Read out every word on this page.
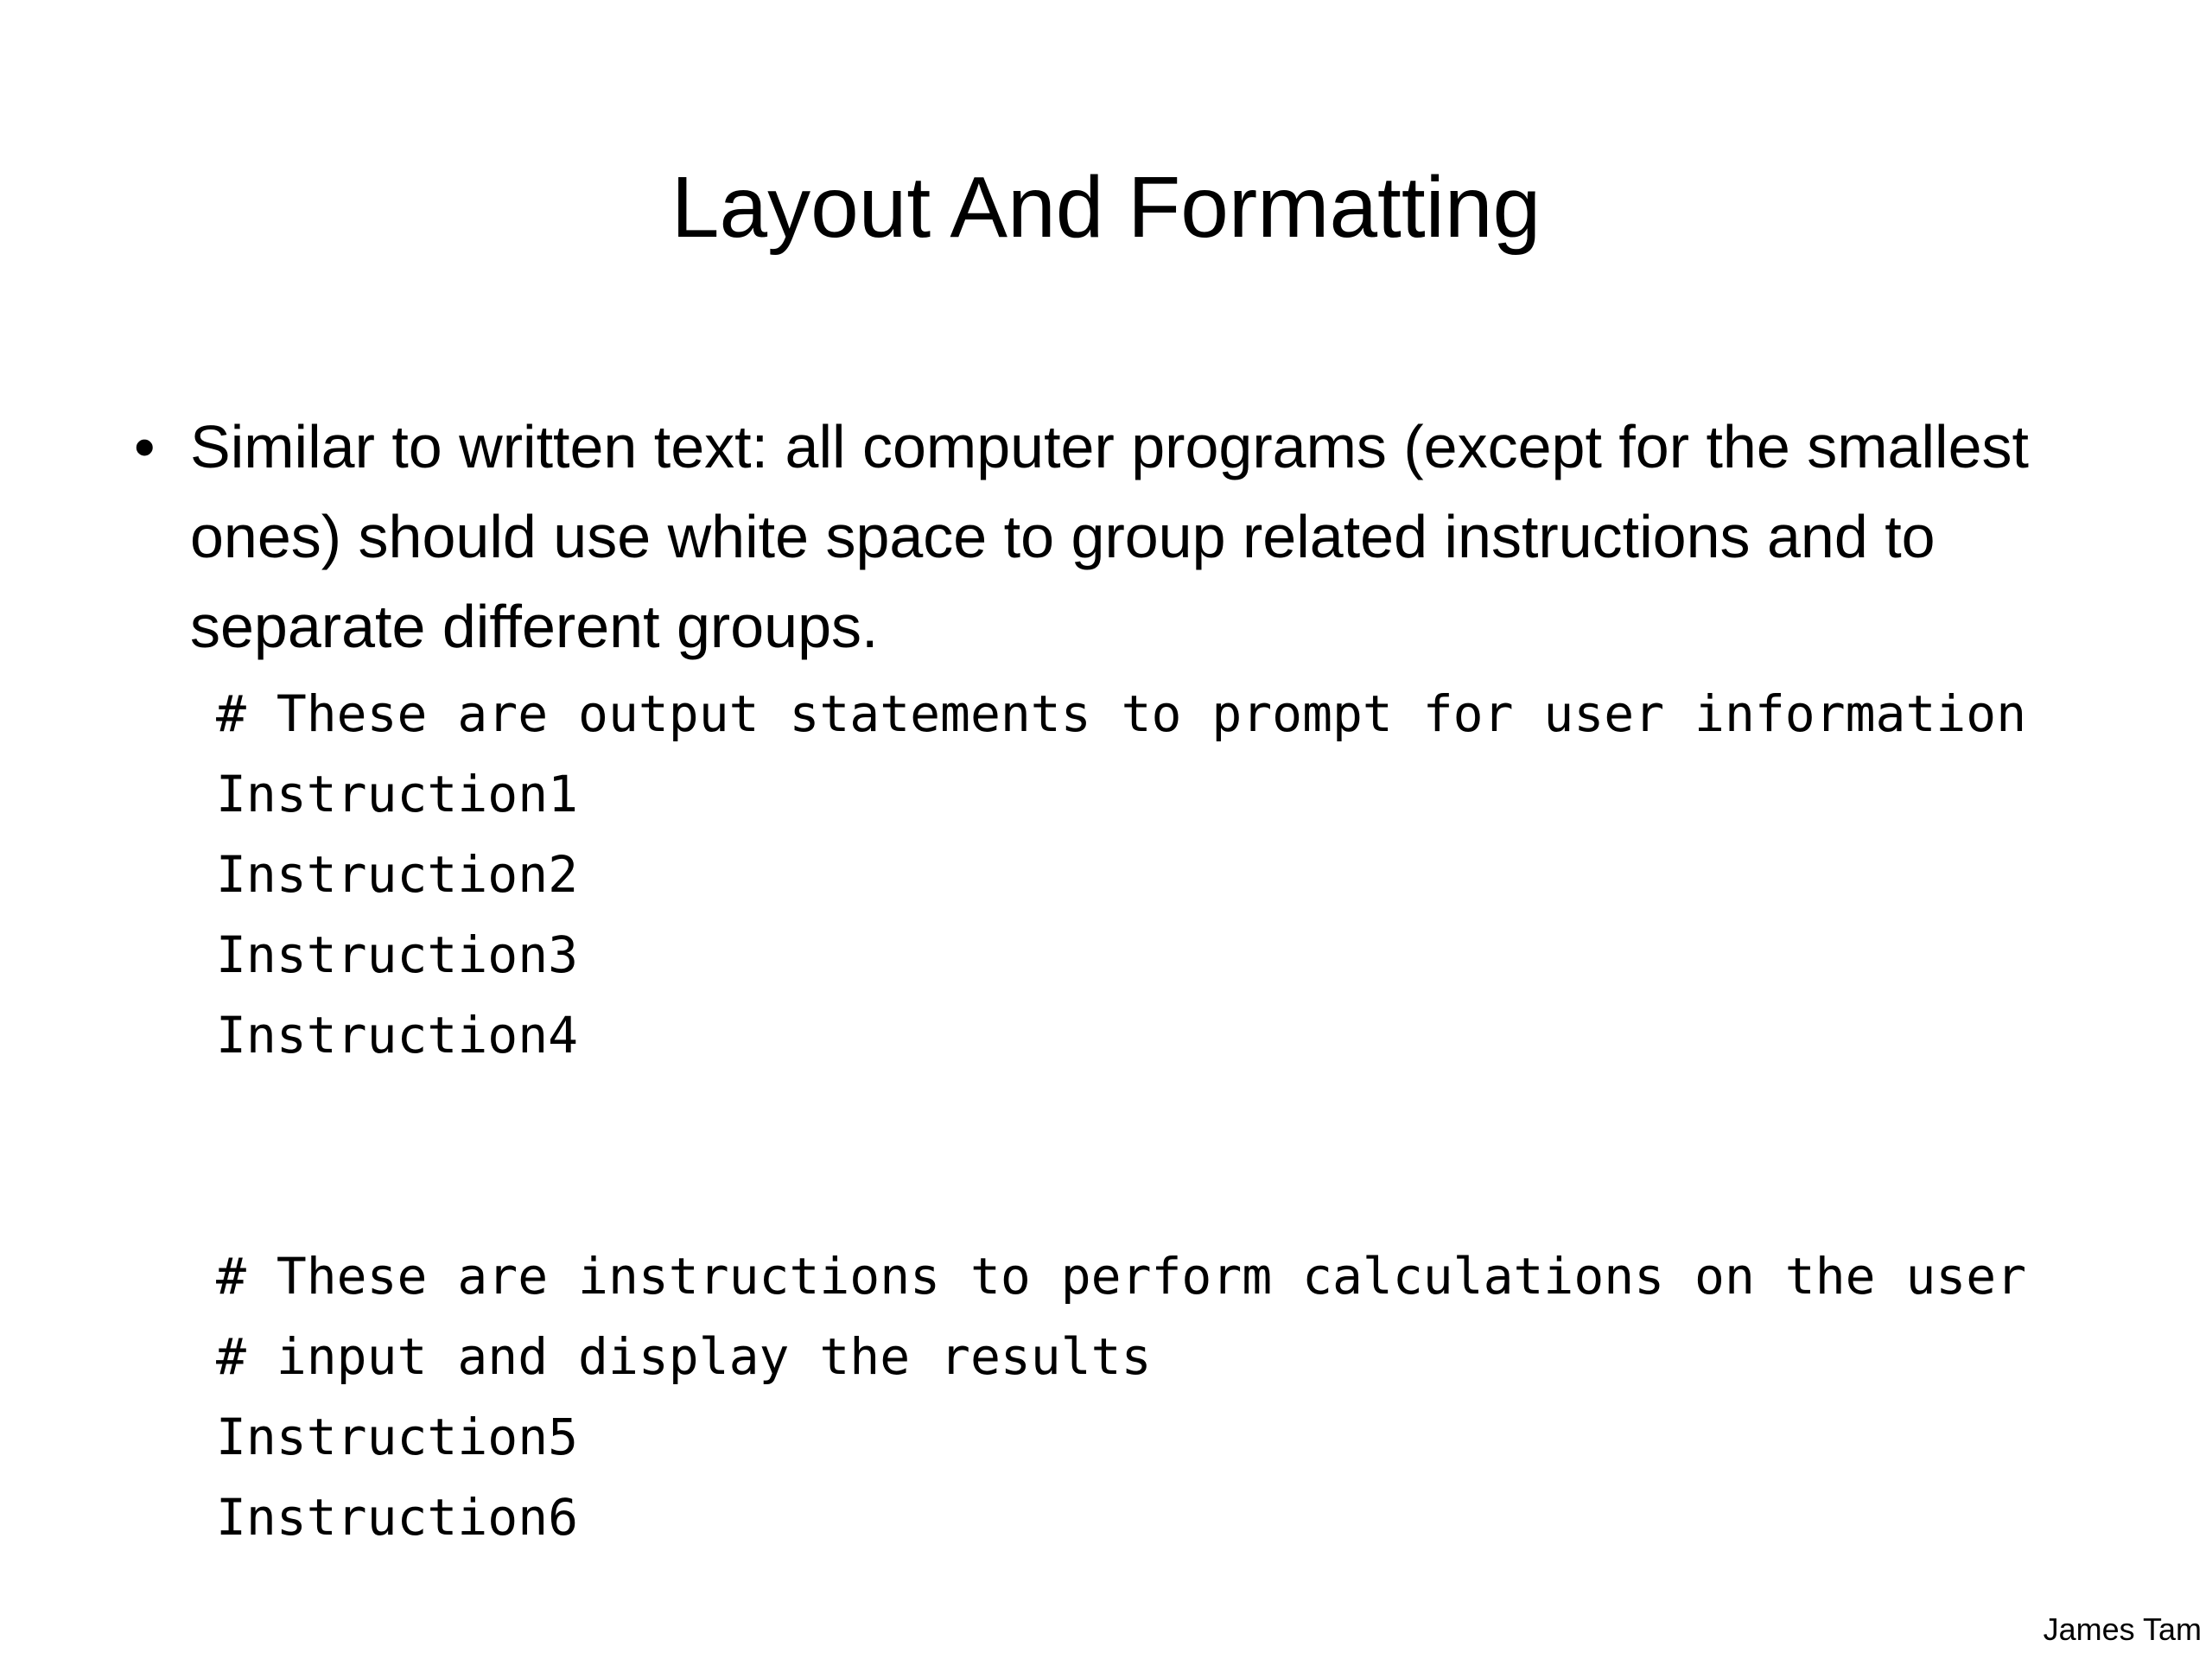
Layout And Formatting
• Similar to written text: all computer programs (except for the smallest ones) should use white space to group related instructions and to separate different groups.
# These are output statements to prompt for user information
Instruction1
Instruction2
Instruction3
Instruction4
# These are instructions to perform calculations on the user
# input and display the results
Instruction5
Instruction6
James Tam
